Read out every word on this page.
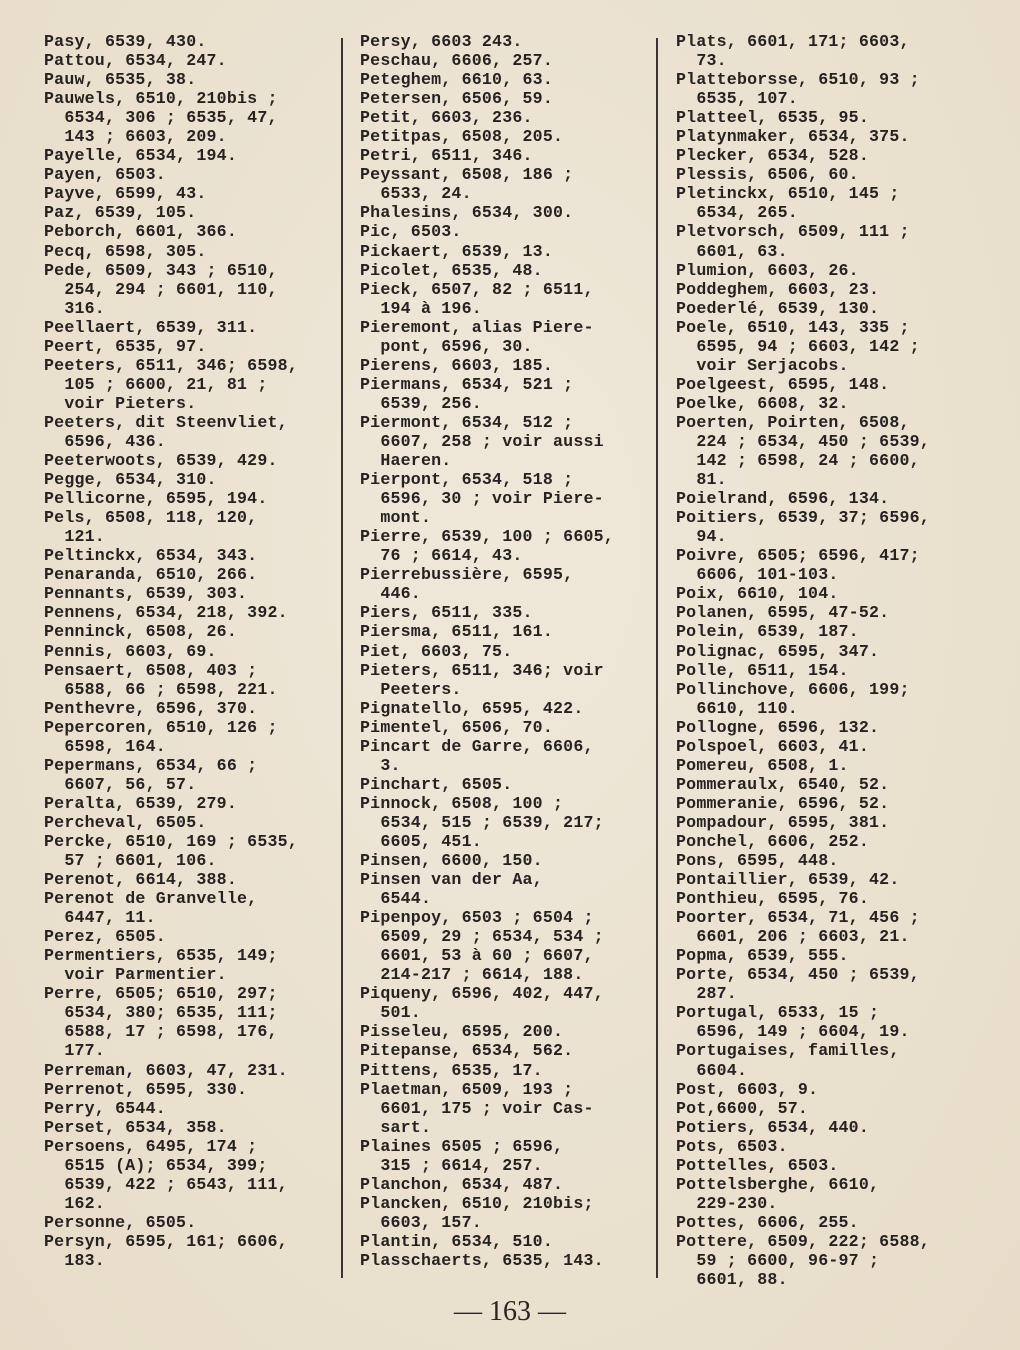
Pasy, 6539, 430.
Pattou, 6534, 247.
Pauw, 6535, 38.
Pauwels, 6510, 210bis ;
6534, 306 ; 6535, 47,
143 ; 6603, 209.
Payelle, 6534, 194.
Payen, 6503.
Payve, 6599, 43.
Paz, 6539, 105.
Peborch, 6601, 366.
Pecq, 6598, 305.
Pede, 6509, 343 ; 6510,
254, 294 ; 6601, 110,
316.
Peellaert, 6539, 311.
Peert, 6535, 97.
Peeters, 6511, 346; 6598,
105 ; 6600, 21, 81 ;
voir Pieters.
Peeters, dit Steenvliet,
6596, 436.
Peeterwoots, 6539, 429.
Pegge, 6534, 310.
Pellicorne, 6595, 194.
Pels, 6508, 118, 120,
121.
Peltinckx, 6534, 343.
Penaranda, 6510, 266.
Pennants, 6539, 303.
Pennens, 6534, 218, 392.
Penninck, 6508, 26.
Pennis, 6603, 69.
Pensaert, 6508, 403 ;
6588, 66 ; 6598, 221.
Penthevre, 6596, 370.
Pepercoren, 6510, 126 ;
6598, 164.
Pepermans, 6534, 66 ;
6607, 56, 57.
Peralta, 6539, 279.
Percheval, 6505.
Percke, 6510, 169 ; 6535,
57 ; 6601, 106.
Perenot, 6614, 388.
Perenot de Granvelle,
6447, 11.
Perez, 6505.
Permentiers, 6535, 149;
voir Parmentier.
Perre, 6505; 6510, 297;
6534, 380; 6535, 111;
6588, 17 ; 6598, 176,
177.
Perreman, 6603, 47, 231.
Perrenot, 6595, 330.
Perry, 6544.
Perset, 6534, 358.
Persoens, 6495, 174 ;
6515 (A); 6534, 399;
6539, 422 ; 6543, 111,
162.
Personne, 6505.
Persyn, 6595, 161; 6606,
183.
Persy, 6603 243.
Peschau, 6606, 257.
Peteghem, 6610, 63.
Petersen, 6506, 59.
Petit, 6603, 236.
Petitpas, 6508, 205.
Petri, 6511, 346.
Peyssant, 6508, 186 ;
6533, 24.
Phalesins, 6534, 300.
Pic, 6503.
Pickaert, 6539, 13.
Picolet, 6535, 48.
Pieck, 6507, 82 ; 6511,
194 à 196.
Pieremont, alias Piere-
pont, 6596, 30.
Pierens, 6603, 185.
Piermans, 6534, 521 ;
6539, 256.
Piermont, 6534, 512 ;
6607, 258 ; voir aussi
Haeren.
Pierpont, 6534, 518 ;
6596, 30 ; voir Piere-
mont.
Pierre, 6539, 100 ; 6605,
76 ; 6614, 43.
Pierrebussière, 6595,
446.
Piers, 6511, 335.
Piersma, 6511, 161.
Piet, 6603, 75.
Pieters, 6511, 346; voir
Peeters.
Pignatello, 6595, 422.
Pimentel, 6506, 70.
Pincart de Garre, 6606,
3.
Pinchart, 6505.
Pinnock, 6508, 100 ;
6534, 515 ; 6539, 217;
6605, 451.
Pinsen, 6600, 150.
Pinsen van der Aa,
6544.
Pipenpoy, 6503 ; 6504 ;
6509, 29 ; 6534, 534 ;
6601, 53 à 60 ; 6607,
214-217 ; 6614, 188.
Piqueny, 6596, 402, 447,
501.
Pisseleu, 6595, 200.
Pitepanse, 6534, 562.
Pittens, 6535, 17.
Plaetman, 6509, 193 ;
6601, 175 ; voir Cas-
sart.
Plaines 6505 ; 6596,
315 ; 6614, 257.
Planchon, 6534, 487.
Plancken, 6510, 210bis;
6603, 157.
Plantin, 6534, 510.
Plasschaerts, 6535, 143.
Plats, 6601, 171; 6603,
73.
Platteborsse, 6510, 93 ;
6535, 107.
Platteel, 6535, 95.
Platynmaker, 6534, 375.
Plecker, 6534, 528.
Plessis, 6506, 60.
Pletinckx, 6510, 145 ;
6534, 265.
Pletvorsch, 6509, 111 ;
6601, 63.
Plumion, 6603, 26.
Poddeghem, 6603, 23.
Poederlé, 6539, 130.
Poele, 6510, 143, 335 ;
6595, 94 ; 6603, 142 ;
voir Serjacobs.
Poelgeest, 6595, 148.
Poelke, 6608, 32.
Poerten, Poirten, 6508,
224 ; 6534, 450 ; 6539,
142 ; 6598, 24 ; 6600,
81.
Poielrand, 6596, 134.
Poitiers, 6539, 37; 6596,
94.
Poivre, 6505; 6596, 417;
6606, 101-103.
Poix, 6610, 104.
Polanen, 6595, 47-52.
Polein, 6539, 187.
Polignac, 6595, 347.
Polle, 6511, 154.
Pollinchove, 6606, 199;
6610, 110.
Pollogne, 6596, 132.
Polspoel, 6603, 41.
Pomereu, 6508, 1.
Pommeraulx, 6540, 52.
Pommeranie, 6596, 52.
Pompadour, 6595, 381.
Ponchel, 6606, 252.
Pons, 6595, 448.
Pontaillier, 6539, 42.
Ponthieu, 6595, 76.
Poorter, 6534, 71, 456 ;
6601, 206 ; 6603, 21.
Popma, 6539, 555.
Porte, 6534, 450 ; 6539,
287.
Portugal, 6533, 15 ;
6596, 149 ; 6604, 19.
Portugaises, familles,
6604.
Post, 6603, 9.
Pot,6600, 57.
Potiers, 6534, 440.
Pots, 6503.
Pottelles, 6503.
Pottelsberghe, 6610,
229-230.
Pottes, 6606, 255.
Pottere, 6509, 222; 6588,
59 ; 6600, 96-97 ;
6601, 88.
— 163 —
